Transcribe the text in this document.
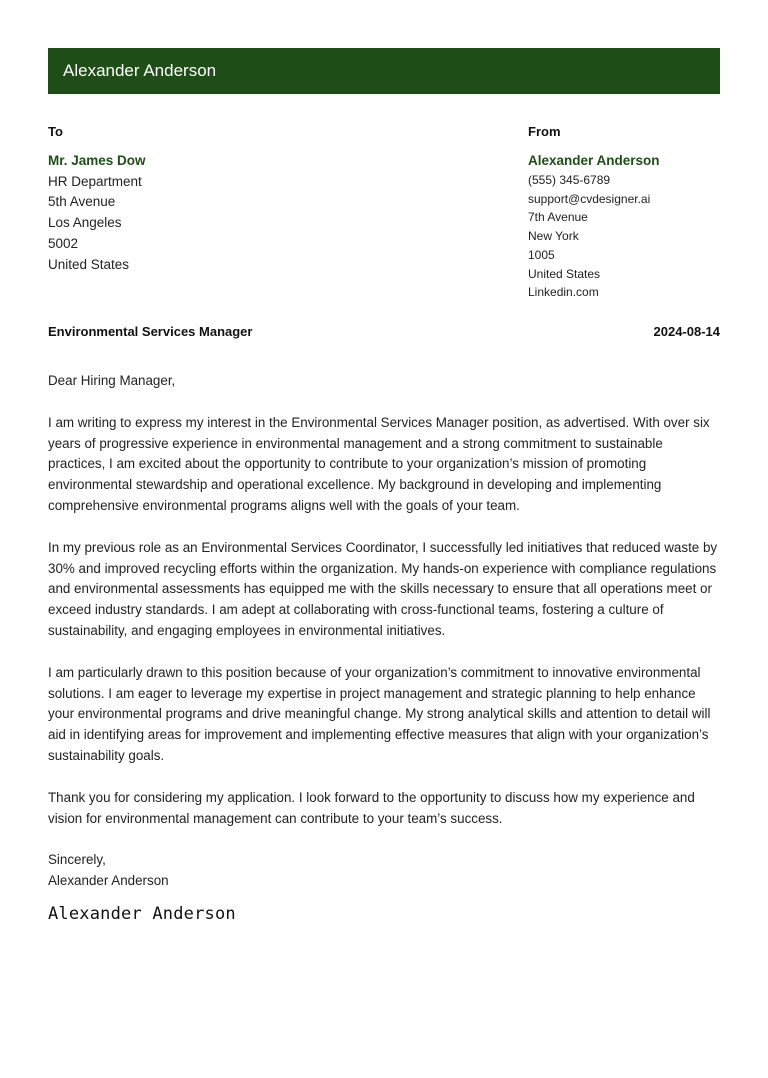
Alexander Anderson
To	From
Mr. James Dow
HR Department
5th Avenue
Los Angeles
5002
United States
Alexander Anderson
(555) 345-6789
support@cvdesigner.ai
7th Avenue
New York
1005
United States
Linkedin.com
Environmental Services Manager	2024-08-14

Dear Hiring Manager,

I am writing to express my interest in the Environmental Services Manager position, as advertised. With over six years of progressive experience in environmental management and a strong commitment to sustainable practices, I am excited about the opportunity to contribute to your organization’s mission of promoting environmental stewardship and operational excellence. My background in developing and implementing comprehensive environmental programs aligns well with the goals of your team.

In my previous role as an Environmental Services Coordinator, I successfully led initiatives that reduced waste by 30% and improved recycling efforts within the organization. My hands-on experience with compliance regulations and environmental assessments has equipped me with the skills necessary to ensure that all operations meet or exceed industry standards. I am adept at collaborating with cross-functional teams, fostering a culture of sustainability, and engaging employees in environmental initiatives.

I am particularly drawn to this position because of your organization’s commitment to innovative environmental solutions. I am eager to leverage my expertise in project management and strategic planning to help enhance your environmental programs and drive meaningful change. My strong analytical skills and attention to detail will aid in identifying areas for improvement and implementing effective measures that align with your organization’s sustainability goals.

Thank you for considering my application. I look forward to the opportunity to discuss how my experience and vision for environmental management can contribute to your team’s success.

Sincerely,
Alexander Anderson
Alexander Anderson
